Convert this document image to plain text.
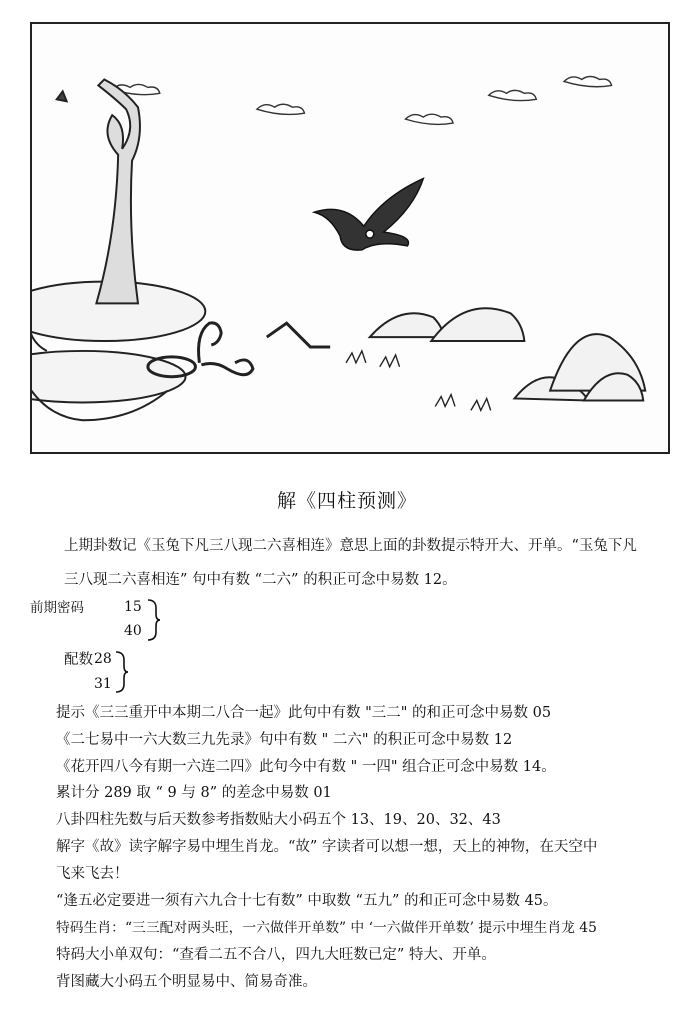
解《四柱预测》
上期卦数记《玉兔下凡三八现二六喜相连》意思上面的卦数提示特开大、开单。“玉兔下凡
三八现二六喜相连” 句中有数 “二六” 的积正可念中易数 12。
前期密码	15
40
配数 28
31
提示《三三重开中本期二八合一起》此句中有数 "三二" 的和正可念中易数 05
《二七易中一六大数三九先录》句中有数 " 二六" 的积正可念中易数 12
《花开四八今有期一六连二四》此句今中有数 " 一四" 组合正可念中易数 14。
累计分 289 取 “ 9 与 8” 的差念中易数 01
八卦四柱先数与后天数参考指数贴大小码五个 13、19、20、32、43
解字《故》读字解字易中埋生肖龙。“故” 字读者可以想一想，天上的神物，在天空中
飞来飞去！
“逢五必定要进一须有六九合十七有数” 中取数 “五九” 的和正可念中易数 45。
特码生肖：“三三配对两头旺，一六做伴开单数” 中 ‘一六做伴开单数’ 提示中埋生肖龙 45
特码大小单双句：“查看二五不合八，四九大旺数已定” 特大、开单。
背图藏大小码五个明显易中、简易奇准。
